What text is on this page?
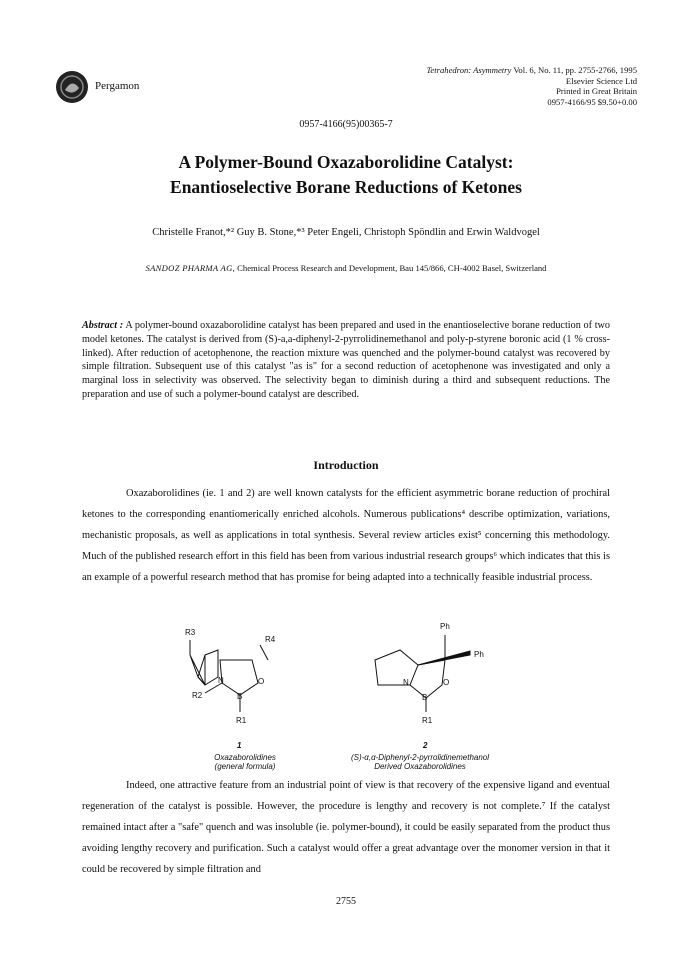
Pergamon
Tetrahedron: Asymmetry Vol. 6, No. 11, pp. 2755-2766, 1995
Elsevier Science Ltd
Printed in Great Britain
0957-4166/95 $9.50+0.00
0957-4166(95)00365-7
A Polymer-Bound Oxazaborolidine Catalyst:
Enantioselective Borane Reductions of Ketones
Christelle Franot,*² Guy B. Stone,*³ Peter Engeli, Christoph Spöndlin and Erwin Waldvogel
SANDOZ PHARMA AG, Chemical Process Research and Development, Bau 145/866, CH-4002 Basel, Switzerland
Abstract : A polymer-bound oxazaborolidine catalyst has been prepared and used in the enantioselective borane reduction of two model ketones. The catalyst is derived from (S)-a,a-diphenyl-2-pyrrolidinemethanol and poly-p-styrene boronic acid (1 % cross-linked). After reduction of acetophenone, the reaction mixture was quenched and the polymer-bound catalyst was recovered by simple filtration. Subsequent use of this catalyst "as is" for a second reduction of acetophenone was investigated and only a marginal loss in selectivity was observed. The selectivity began to diminish during a third and subsequent reductions. The preparation and use of such a polymer-bound catalyst are described.
Introduction

Oxazaborolidines (ie. 1 and 2) are well known catalysts for the efficient asymmetric borane reduction of prochiral ketones to the corresponding enantiomerically enriched alcohols. Numerous publications⁴ describe optimization, variations, mechanistic proposals, as well as applications in total synthesis. Several review articles exist⁵ concerning this methodology. Much of the published research effort in this field has been from various industrial research groups⁶ which indicates that this is an example of a powerful research method that has promise for being adapted into a technically feasible industrial process.

R3
R4
N	O
B
R2
R1
1
Ph
Ph
N	O
B
R1
2
Oxazaborolidines
(general formula)
(S)-α,α-Diphenyl-2-pyrrolidinemethanol
Derived Oxazaborolidines

Indeed, one attractive feature from an industrial point of view is that recovery of the expensive ligand and eventual regeneration of the catalyst is possible. However, the procedure is lengthy and recovery is not complete.⁷ If the catalyst remained intact after a "safe" quench and was insoluble (ie. polymer-bound), it could be easily separated from the product thus avoiding lengthy recovery and purification. Such a catalyst would offer a great advantage over the monomer version in that it could be recovered by simple filtration and

2755
